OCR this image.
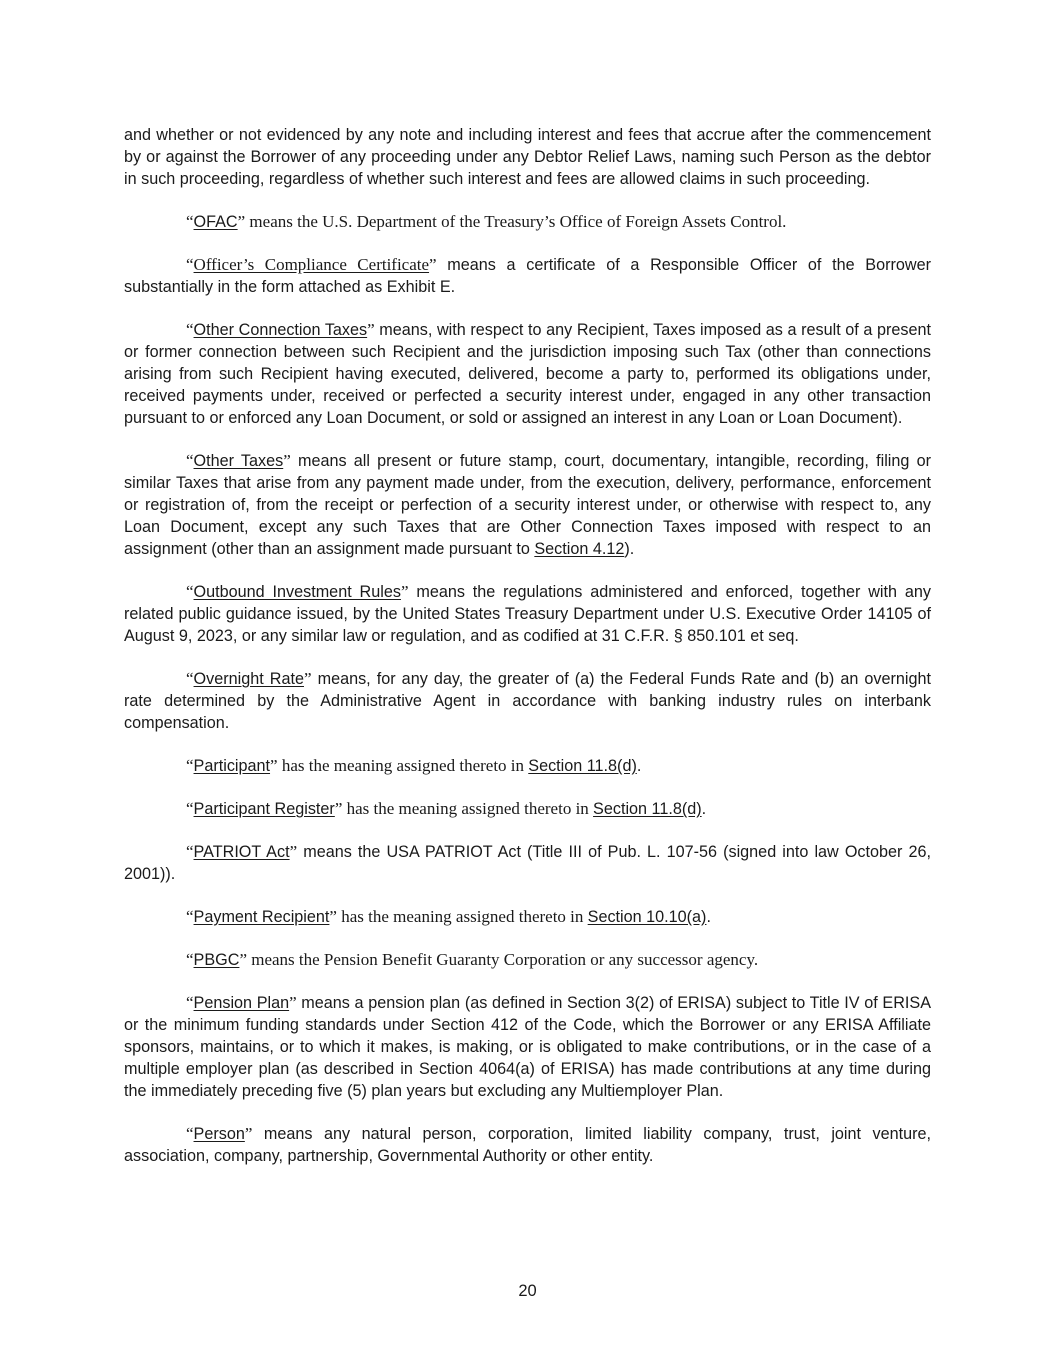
and whether or not evidenced by any note and including interest and fees that accrue after the commencement by or against the Borrower of any proceeding under any Debtor Relief Laws, naming such Person as the debtor in such proceeding, regardless of whether such interest and fees are allowed claims in such proceeding.

“OFAC” means the U.S. Department of the Treasury’s Office of Foreign Assets Control.

“Officer’s Compliance Certificate” means a certificate of a Responsible Officer of the Borrower substantially in the form attached as Exhibit E.

“Other Connection Taxes” means, with respect to any Recipient, Taxes imposed as a result of a present or former connection between such Recipient and the jurisdiction imposing such Tax (other than connections arising from such Recipient having executed, delivered, become a party to, performed its obligations under, received payments under, received or perfected a security interest under, engaged in any other transaction pursuant to or enforced any Loan Document, or sold or assigned an interest in any Loan or Loan Document).

“Other Taxes” means all present or future stamp, court, documentary, intangible, recording, filing or similar Taxes that arise from any payment made under, from the execution, delivery, performance, enforcement or registration of, from the receipt or perfection of a security interest under, or otherwise with respect to, any Loan Document, except any such Taxes that are Other Connection Taxes imposed with respect to an assignment (other than an assignment made pursuant to Section 4.12).

“Outbound Investment Rules” means the regulations administered and enforced, together with any related public guidance issued, by the United States Treasury Department under U.S. Executive Order 14105 of August 9, 2023, or any similar law or regulation, and as codified at 31 C.F.R. § 850.101 et seq.

“Overnight Rate” means, for any day, the greater of (a) the Federal Funds Rate and (b) an overnight rate determined by the Administrative Agent in accordance with banking industry rules on interbank compensation.

“Participant” has the meaning assigned thereto in Section 11.8(d).

“Participant Register” has the meaning assigned thereto in Section 11.8(d).

“PATRIOT Act” means the USA PATRIOT Act (Title III of Pub. L. 107-56 (signed into law October 26, 2001)).

“Payment Recipient” has the meaning assigned thereto in Section 10.10(a).

“PBGC” means the Pension Benefit Guaranty Corporation or any successor agency.

“Pension Plan” means a pension plan (as defined in Section 3(2) of ERISA) subject to Title IV of ERISA or the minimum funding standards under Section 412 of the Code, which the Borrower or any ERISA Affiliate sponsors, maintains, or to which it makes, is making, or is obligated to make contributions, or in the case of a multiple employer plan (as described in Section 4064(a) of ERISA) has made contributions at any time during the immediately preceding five (5) plan years but excluding any Multiemployer Plan.

“Person” means any natural person, corporation, limited liability company, trust, joint venture, association, company, partnership, Governmental Authority or other entity.

20
